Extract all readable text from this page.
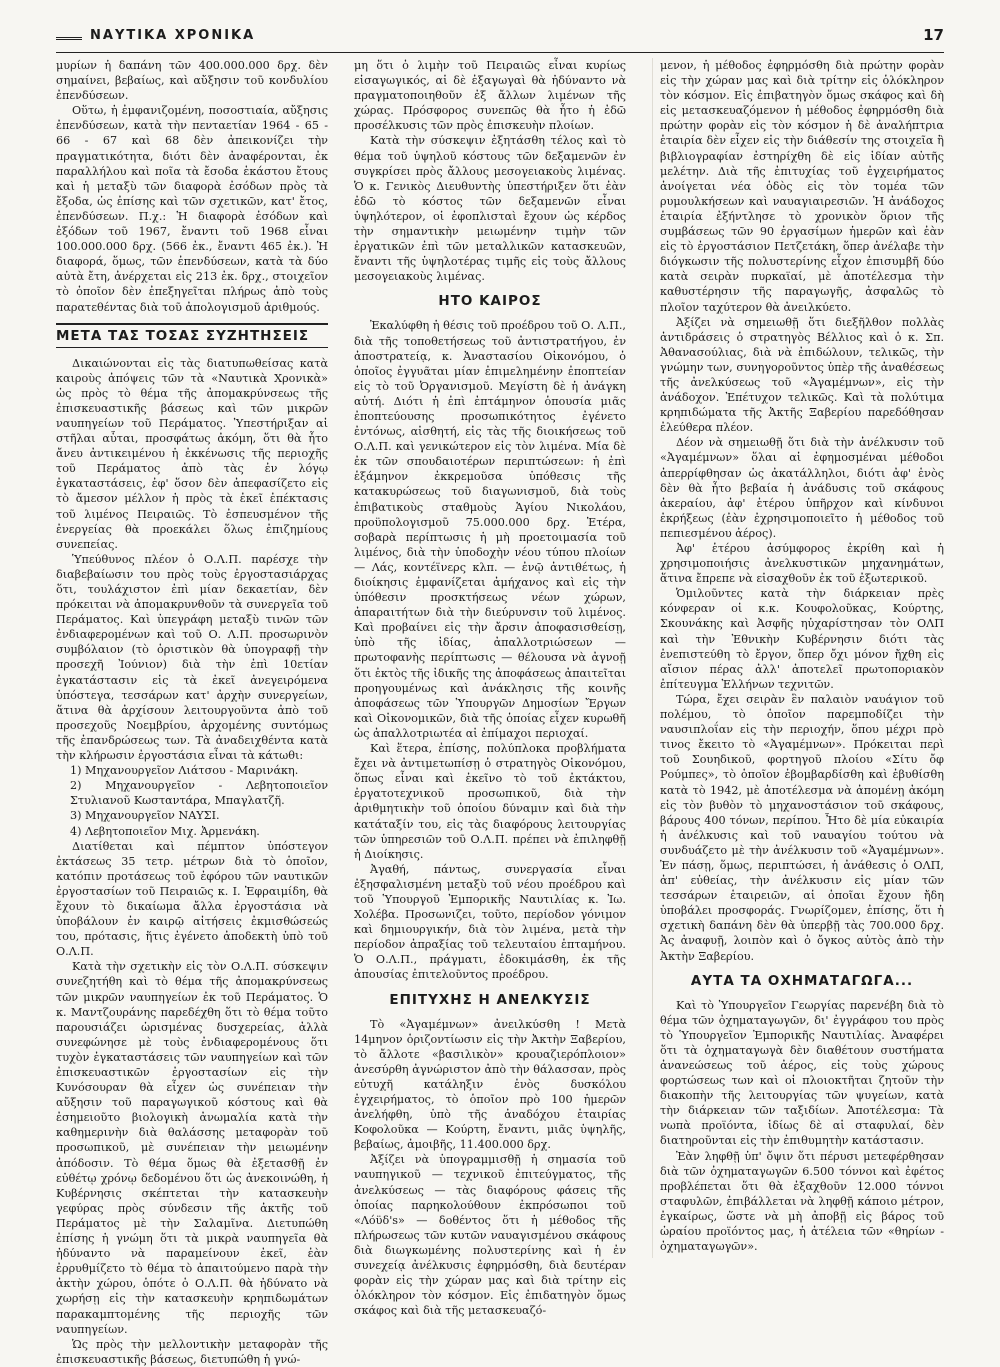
ΝΑΥΤΙΚΑ ΧΡΟΝΙΚΑ	17

μυρίων ἡ δαπάνη τῶν 400.000.000 δρχ. δὲν σημαίνει, βεβαίως, καὶ αὔξησιν τοῦ κονδυλίου ἐπενδύσεων.

Οὕτω, ἡ ἐμφανιζομένη, ποσοστιαία, αὔξησις ἐπενδύσεων, κατὰ τὴν πενταετίαν 1964 - 65 - 66 - 67 καὶ 68 δὲν ἀπεικονίζει τὴν πραγματικότητα, διότι δὲν ἀναφέρονται, ἐκ παραλλήλου καὶ ποῖα τὰ ἔσοδα ἑκάστου ἔτους καὶ ἡ μεταξὺ τῶν διαφορὰ ἐσόδων πρὸς τὰ ἔξοδα, ὡς ἐπίσης καὶ τῶν σχετικῶν, κατ' ἔτος, ἐπενδύσεων. Π.χ.: Ἡ διαφορὰ ἐσόδων καὶ ἐξόδων τοῦ 1967, ἔναντι τοῦ 1968 εἶναι 100.000.000 δρχ. (566 ἐκ., ἔναντι 465 ἐκ.). Ἡ διαφορά, ὅμως, τῶν ἐπενδύσεων, κατὰ τὰ δύο αὐτὰ ἔτη, ἀνέρχεται εἰς 213 ἐκ. δρχ., στοιχεῖον τὸ ὁποῖον δὲν ἐπεξηγεῖται πλήρως ἀπὸ τοὺς παρατεθέντας διὰ τοῦ ἀπολογισμοῦ ἀριθμούς.

ΜΕΤΑ ΤΑΣ ΤΟΣΑΣ ΣΥΖΗΤΗΣΕΙΣ

Δικαιώνονται εἰς τὰς διατυπωθείσας κατὰ καιροὺς ἀπόψεις τῶν τὰ «Ναυτικὰ Χρονικὰ» ὡς πρὸς τὸ θέμα τῆς ἀπομακρύνσεως τῆς ἐπισκευαστικῆς βάσεως καὶ τῶν μικρῶν ναυπηγείων τοῦ Περάματος. Ὑπεστήριξαν αἱ στῆλαι αὗται, προσφάτως ἀκόμη, ὅτι θὰ ἦτο ἄνευ ἀντικειμένου ἡ ἐκκένωσις τῆς περιοχῆς τοῦ Περάματος ἀπὸ τὰς ἐν λόγῳ ἐγκαταστάσεις, ἐφ' ὅσον δὲν ἀπεφασίζετο εἰς τὸ ἄμεσον μέλλον ἡ πρὸς τὰ ἐκεῖ ἐπέκτασις τοῦ λιμένος Πειραιῶς. Τὸ ἐσπευσμένον τῆς ἐνεργείας θὰ προεκάλει ὅλως ἐπιζημίους συνεπείας.

Ὑπεύθυνος πλέον ὁ Ο.Λ.Π. παρέσχε τὴν διαβεβαίωσιν του πρὸς τοὺς ἐργοστασιάρχας ὅτι, τουλάχιστον ἐπὶ μίαν δεκαετίαν, δὲν πρόκειται νὰ ἀπομακρυνθοῦν τὰ συνεργεῖα τοῦ Περάματος. Καὶ ὑπεγράφη μεταξὺ τινῶν τῶν ἐνδιαφερομένων καὶ τοῦ Ο. Λ.Π. προσωρινὸν συμβόλαιον (τὸ ὁριστικὸν θὰ ὑπογραφῇ τὴν προσεχῆ Ἰούνιον) διὰ τὴν ἐπὶ 10ετίαν ἐγκατάστασιν εἰς τὰ ἐκεῖ ἀνεγειρόμενα ὑπόστεγα, τεσσάρων κατ' ἀρχὴν συνεργείων, ἅτινα θὰ ἀρχίσουν λειτουργοῦντα ἀπὸ τοῦ προσεχοῦς Νοεμβρίου, ἀρχομένης συντόμως τῆς ἐπανδρώσεως των. Τὰ ἀναδειχθέντα κατὰ τὴν κλήρωσιν ἐργοστάσια εἶναι τὰ κάτωθι:

1) Μηχανουργεῖον Λιάτσου - Μαρινάκη.
2) Μηχανουργεῖον - Λεβητοποιεῖον Στυλιανοῦ Κωσταντάρα, Μπαγλατζῆ.
3) Μηχανουργεῖον ΝΑΥΣΙ.
4) Λεβητοποιεῖον Μιχ. Ἀρμενάκη.

Διατίθεται καὶ πέμπτον ὑπόστεγον ἐκτάσεως 35 τετρ. μέτρων διὰ τὸ ὁποῖον, κατόπιν προτάσεως τοῦ ἐφόρου τῶν ναυτικῶν ἐργοστασίων τοῦ Πειραιῶς κ. Ι. Ἐφραιμίδη, θὰ ἔχουν τὸ δικαίωμα ἄλλα ἐργοστάσια νὰ ὑποβάλουν ἐν καιρῷ αἰτήσεις ἐκμισθώσεώς του, πρότασις, ἥτις ἐγένετο ἀποδεκτὴ ὑπὸ τοῦ Ο.Λ.Π.

Κατὰ τὴν σχετικὴν εἰς τὸν Ο.Λ.Π. σύσκεψιν συνεζητήθη καὶ τὸ θέμα τῆς ἀπομακρύνσεως τῶν μικρῶν ναυπηγείων ἐκ τοῦ Περάματος. Ὁ κ. Μαντζουράνης παρεδέχθη ὅτι τὸ θέμα τοῦτο παρουσιάζει ὡρισμένας δυσχερείας, ἀλλὰ συνεφώνησε μὲ τοὺς ἐνδιαφερομένους ὅτι τυχὸν ἐγκαταστάσεις τῶν ναυπηγείων καὶ τῶν ἐπισκευαστικῶν ἐργοστασίων εἰς τὴν Κυνόσουραν θὰ εἶχεν ὡς συνέπειαν τὴν αὔξησιν τοῦ παραγωγικοῦ κόστους καὶ θὰ ἐσημειοῦτο βιολογικὴ ἀνωμαλία κατὰ τὴν καθημερινὴν διὰ θαλάσσης μεταφορὰν τοῦ προσωπικοῦ, μὲ συνέπειαν τὴν μειωμένην ἀπόδοσιν. Τὸ θέμα ὅμως θὰ ἐξετασθῇ ἐν εὐθέτῳ χρόνῳ δεδομένου ὅτι ὡς ἀνεκοινώθη, ἡ Κυβέρνησις σκέπτεται τὴν κατασκευὴν γεφύρας πρὸς σύνδεσιν τῆς ἀκτῆς τοῦ Περάματος μὲ τὴν Σαλαμῖνα. Διετυπώθη ἐπίσης ἡ γνώμη ὅτι τὰ μικρὰ ναυπηγεῖα θὰ ἠδύναντο νὰ παραμείνουν ἐκεῖ, ἐὰν ἐρρυθμίζετο τὸ θέμα τὸ ἀπαιτούμενο παρὰ τὴν ἀκτὴν χώρου, ὁπότε ὁ Ο.Λ.Π. θὰ ἠδύνατο νὰ χωρήσῃ εἰς τὴν κατασκευὴν κρηπιδωμάτων παρακαμπτομένης τῆς περιοχῆς τῶν ναυπηγείων.

Ὡς πρὸς τὴν μελλοντικὴν μεταφορὰν τῆς ἐπισκευαστικῆς βάσεως, διετυπώθη ἡ γνώ-

μη ὅτι ὁ λιμὴν τοῦ Πειραιῶς εἶναι κυρίως εἰσαγωγικός, αἱ δὲ ἐξαγωγαὶ θὰ ἠδύναντο νὰ πραγματοποιηθοῦν ἐξ ἄλλων λιμένων τῆς χώρας. Πρόσφορος συνεπῶς θὰ ἦτο ἡ ἐδῶ προσέλκυσις τῶν πρὸς ἐπισκευὴν πλοίων.

Κατὰ τὴν σύσκεψιν ἐξητάσθη τέλος καὶ τὸ θέμα τοῦ ὑψηλοῦ κόστους τῶν δεξαμενῶν ἐν συγκρίσει πρὸς ἄλλους μεσογειακοὺς λιμένας. Ὁ κ. Γενικὸς Διευθυντὴς ὑπεστήριξεν ὅτι ἐὰν ἐδῶ τὸ κόστος τῶν δεξαμενῶν εἶναι ὑψηλότερον, οἱ ἐφοπλισταὶ ἔχουν ὡς κέρδος τὴν σημαντικὴν μειωμένην τιμὴν τῶν ἐργατικῶν ἐπὶ τῶν μεταλλικῶν κατασκευῶν, ἔναντι τῆς ὑψηλοτέρας τιμῆς εἰς τοὺς ἄλλους μεσογειακοὺς λιμένας.

ΗΤΟ ΚΑΙΡΟΣ

Ἐκαλύφθη ἡ θέσις τοῦ προέδρου τοῦ Ο. Λ.Π., διὰ τῆς τοποθετήσεως τοῦ ἀντιστρατήγου, ἐν ἀποστρατείᾳ, κ. Ἀναστασίου Οἰκονόμου, ὁ ὁποῖος ἐγγυᾶται μίαν ἐπιμελημένην ἐποπτείαν εἰς τὸ τοῦ Ὀργανισμοῦ. Μεγίστη δὲ ἡ ἀνάγκη αὐτή. Διότι ἡ ἐπὶ ἐπτάμηνον ὁπουσία μιᾶς ἐποπτεύουσης προσωπικότητος ἐγένετο ἐντόνως, αἰσθητή, εἰς τὰς τῆς διοικήσεως τοῦ Ο.Λ.Π. καὶ γενικώτερον εἰς τὸν λιμένα. Μία δὲ ἐκ τῶν σπουδαιοτέρων περιπτώσεων: ἡ ἐπὶ ἑξάμηνον ἐκκρεμοῦσα ὑπόθεσις τῆς κατακυρώσεως τοῦ διαγωνισμοῦ, διὰ τοὺς ἐπιβατικοὺς σταθμοὺς Ἁγίου Νικολάου, προϋπολογισμοῦ 75.000.000 δρχ. Ἑτέρα, σοβαρὰ περίπτωσις ἡ μὴ προετοιμασία τοῦ λιμένος, διὰ τὴν ὑποδοχὴν νέου τύπου πλοίων — Λάς, κοντέϊνερς κλπ. — ἐνῷ ἀντιθέτως, ἡ διοίκησις ἐμφανίζεται ἀμήχανος καὶ εἰς τὴν ὑπόθεσιν προσκτήσεως νέων χώρων, ἀπαραιτήτων διὰ τὴν διεύρυνσιν τοῦ λιμένος. Καὶ προβαίνει εἰς τὴν ἄρσιν ἀποφασισθείσῃ, ὑπὸ τῆς ἰδίας, ἀπαλλοτριώσεων — πρωτοφανὴς περίπτωσις — θέλουσα νὰ ἀγνοῇ ὅτι ἐκτὸς τῆς ἰδικῆς της ἀποφάσεως ἀπαιτεῖται προηγουμένως καὶ ἀνάκλησις τῆς κοινῆς ἀποφάσεως τῶν Ὑπουργῶν Δημοσίων Ἔργων καὶ Οἰκονομικῶν, διὰ τῆς ὁποίας εἶχεν κυρωθῆ ὡς ἀπαλλοτριωτέα αἱ ἐπίμαχοι περιοχαί.

Καὶ ἕτερα, ἐπίσης, πολύπλοκα προβλήματα ἔχει νὰ ἀντιμετωπίσῃ ὁ στρατηγὸς Οἰκονόμου, ὅπως εἶναι καὶ ἐκεῖνο τὸ τοῦ ἐκτάκτου, ἐργατοτεχνικοῦ προσωπικοῦ, διὰ τὴν ἀριθμητικὴν τοῦ ὁποίου δύναμιν καὶ διὰ τὴν κατάταξίν του, εἰς τὰς διαφόρους λειτουργίας τῶν ὑπηρεσιῶν τοῦ Ο.Λ.Π. πρέπει νὰ ἐπιληφθῇ ἡ Διοίκησις.

Ἀγαθή, πάντως, συνεργασία εἶναι ἐξησφαλισμένη μεταξὺ τοῦ νέου προέδρου καὶ τοῦ Ὑπουργοῦ Ἐμπορικῆς Ναυτιλίας κ. Ἰω. Χολέβα. Προσωνιζει, τοῦτο, περίοδον γόνιμον καὶ δημιουργικήν, διὰ τὸν λιμένα, μετὰ τὴν περίοδον ἀπραξίας τοῦ τελευταίου ἑπταμήνου. Ὁ Ο.Λ.Π., πράγματι, ἐδοκιμάσθη, ἐκ τῆς ἀπουσίας ἐπιτελοῦντος προέδρου.

ΕΠΙΤΥΧΗΣ Η ΑΝΕΛΚΥΣΙΣ

Τὸ «Ἀγαμέμνων» ἀνειλκύσθη ! Μετὰ 14μηνον ὁριζοντίωσιν εἰς τὴν Ἀκτὴν Ξαβερίου, τὸ ἄλλοτε «βασιλικὸν» κρουαζιερόπλοιον» ἀνεσύρθη ἀγνώριστον ἀπὸ τὴν θάλασσαν, πρὸς εὐτυχῆ κατάληξιν ἑνὸς δυσκόλου ἐγχειρήματος, τὸ ὁποῖον πρὸ 100 ἡμερῶν ἀνελήφθη, ὑπὸ τῆς ἀναδόχου ἑταιρίας Κοφολοῦκα — Κούρτη, ἔναντι, μιᾶς ὑψηλῆς, βεβαίως, ἀμοιβῆς, 11.400.000 δρχ.

Ἀξίζει νὰ ὑπογραμμισθῇ ἡ σημασία τοῦ ναυπηγικοῦ — τεχνικοῦ ἐπιτεύγματος, τῆς ἀνελκύσεως — τὰς διαφόρους φάσεις τῆς ὁποίας παρηκολούθουν ἐκπρόσωποι τοῦ «Λόϋδ's» — δοθέντος ὅτι ἡ μέθοδος τῆς πλήρωσεως τῶν κυτῶν ναυαγισμένου σκάφους διὰ διωγκωμένης πολυστερίνης καὶ ἡ ἐν συνεχείᾳ ἀνέλκυσις ἐφηρμόσθη, διὰ δευτέραν φορὰν εἰς τὴν χώραν μας καὶ διὰ τρίτην εἰς ὁλόκληρον τὸν κόσμον. Εἰς ἐπιδατηγὸν ὅμως σκάφος καὶ διὰ τῆς μετασκευαζό-

μενον, ἡ μέθοδος ἐφηρμόσθη διὰ πρώτην φορὰν εἰς τὴν χώραν μας καὶ διὰ τρίτην εἰς ὁλόκληρον τὸν κόσμον. Εἰς ἐπιβατηγὸν ὅμως σκάφος καὶ δὴ εἰς μετασκευαζόμενον ἡ μέθοδος ἐφηρμόσθη διὰ πρώτην φορὰν εἰς τὸν κόσμον ἡ δὲ ἀναλήπτρια ἑταιρία δὲν εἶχεν εἰς τὴν διάθεσίν της στοιχεῖα ἢ βιβλιογραφίαν ἐστηρίχθη δὲ εἰς ἰδίαν αὐτῆς μελέτην. Διὰ τῆς ἐπιτυχίας τοῦ ἐγχειρήματος ἀνοίγεται νέα ὁδὸς εἰς τὸν τομέα τῶν ρυμουλκήσεων καὶ ναυαγιαιρεσιῶν. Ἡ ἀνάδοχος ἑταιρία ἐξήντλησε τὸ χρονικὸν ὅριον τῆς συμβάσεως τῶν 90 ἐργασίμων ἡμερῶν καὶ ἐὰν εἰς τὸ ἐργοστάσιον Πετζετάκη, ὅπερ ἀνέλαβε τὴν διόγκωσιν τῆς πολυστερίνης εἶχον ἐπισυμβῆ δύο κατὰ σειρὰν πυρκαϊαί, μὲ ἀποτέλεσμα τὴν καθυστέρησιν τῆς παραγωγῆς, ἀσφαλῶς τὸ πλοῖον ταχύτερον θὰ ἀνειλκύετο.

Ἀξίζει νὰ σημειωθῇ ὅτι διεξῆλθον πολλὰς ἀντιδράσεις ὁ στρατηγὸς Βέλλιος καὶ ὁ κ. Σπ. Ἀθανασούλιας, διὰ νὰ ἐπιδώλουν, τελικῶς, τὴν γνώμην των, συνηγοροῦντος ὑπὲρ τῆς ἀναθέσεως τῆς ἀνελκύσεως τοῦ «Ἀγαμέμνων», εἰς τὴν ἀνάδοχον. Ἐπέτυχον τελικῶς. Καὶ τὰ πολύτιμα κρηπιδώματα τῆς Ἀκτῆς Ξαβερίου παρεδόθησαν ἐλεύθερα πλέον.

Δέον νὰ σημειωθῇ ὅτι διὰ τὴν ἀνέλκυσιν τοῦ «Ἀγαμέμνων» ὅλαι αἱ ἐφημοσμέναι μέθοδοι ἀπερρίφθησαν ὡς ἀκατάλληλοι, διότι ἀφ' ἑνὸς δὲν θὰ ἦτο βεβαία ἡ ἀνάδυσις τοῦ σκάφους ἀκεραίου, ἀφ' ἑτέρου ὑπῆρχον καὶ κίνδυνοι ἐκρήξεως (ἐὰν ἐχρησιμοποιεῖτο ἡ μέθοδος τοῦ πεπιεσμένου ἀέρος).

Ἀφ' ἑτέρου ἀσύμφορος ἐκρίθη καὶ ἡ χρησιμοποιήσις ἀνελκυστικῶν μηχανημάτων, ἅτινα ἔπρεπε νὰ εἰσαχθοῦν ἐκ τοῦ ἐξωτερικοῦ.

Ὁμιλοῦντες κατὰ τὴν διάρκειαν πρὲς κόνφεραν οἱ κ.κ. Κουφολοῦκας, Κούρτης, Σκουνάκης καὶ Ἀσφῆς ηὐχαρίστησαν τὸν ΟΛΠ καὶ τὴν Ἐθνικὴν Κυβέρνησιν διότι τὰς ἐνεπιστεύθη τὸ ἔργον, ὅπερ ὄχι μόνον ἤχθη εἰς αἴσιον πέρας ἀλλ' ἀποτελεῖ πρωτοποριακὸν ἐπίτευγμα Ἑλλήνων τεχνιτῶν.

Τώρα, ἔχει σειρὰν ἓν παλαιὸν ναυάγιον τοῦ πολέμου, τὸ ὁποῖον παρεμποδίζει τὴν ναυσιπλοΐαν εἰς τὴν περιοχήν, ὅπου μέχρι πρὸ τινος ἔκειτο τὸ «Ἀγαμέμνων». Πρόκειται περὶ τοῦ Σουηδικοῦ, φορτηγοῦ πλοίου «Σίτυ ὄφ Ρούμπες», τὸ ὁποῖον ἐβομβαρδίσθη καὶ ἐβυθίσθη κατὰ τὸ 1942, μὲ ἀποτέλεσμα νὰ ἀπομένῃ ἀκόμη εἰς τὸν βυθὸν τὸ μηχανοστάσιον τοῦ σκάφους, βάρους 400 τόνων, περίπου. Ἦτο δὲ μία εὐκαιρία ἡ ἀνέλκυσις καὶ τοῦ ναυαγίου τούτου νὰ συνδυάζετο μὲ τὴν ἀνέλκυσιν τοῦ «Ἀγαμέμνων». Ἐν πάσῃ, ὅμως, περιπτώσει, ἡ ἀνάθεσις ὁ ΟΛΠ, ἀπ' εὐθείας, τὴν ἀνέλκυσιν εἰς μίαν τῶν τεσσάρων ἑταιρειῶν, αἱ ὁποῖαι ἔχουν ἤδη ὑποβάλει προσφοράς. Γνωρίζομεν, ἐπίσης, ὅτι ἡ σχετικὴ δαπάνη δὲν θὰ ὑπερβῇ τὰς 700.000 δρχ. Ἀς ἀναφυῇ, λοιπὸν καὶ ὁ ὄγκος αὐτὸς ἀπὸ τὴν Ἀκτὴν Ξαβερίου.

ΑΥΤΑ ΤΑ ΟΧΗΜΑΤΑΓΩΓΑ...

Καὶ τὸ Ὑπουργεῖον Γεωργίας παρενέβη διὰ τὸ θέμα τῶν ὀχηματαγωγῶν, δι' ἐγγράφου του πρὸς τὸ Ὑπουργεῖον Ἐμπορικῆς Ναυτιλίας. Ἀναφέρει ὅτι τὰ ὀχηματαγωγὰ δὲν διαθέτουν συστήματα ἀνανεώσεως τοῦ ἀέρος, εἰς τοὺς χώρους φορτώσεως των καὶ οἱ πλοιοκτῆται ζητοῦν τὴν διακοπὴν τῆς λειτουργίας τῶν ψυγείων, κατὰ τὴν διάρκειαν τῶν ταξιδίων. Ἀποτέλεσμα: Τὰ νωπὰ προϊόντα, ἰδίως δὲ αἱ σταφυλαί, δὲν διατηροῦνται εἰς τὴν ἐπιθυμητὴν κατάστασιν.

Ἐὰν ληφθῇ ὑπ' ὄψιν ὅτι πέρυσι μετεφέρθησαν διὰ τῶν ὀχηματαγωγῶν 6.500 τόννοι καὶ ἐφέτος προβλέπεται ὅτι θὰ ἐξαχθοῦν 12.000 τόννοι σταφυλῶν, ἐπιβάλλεται νὰ ληφθῇ κάποιο μέτρον, ἐγκαίρως, ὥστε νὰ μὴ ἀποβῇ εἰς βάρος τοῦ ὡραίου προϊόντος μας, ἡ ἀτέλεια τῶν «θηρίων - ὀχηματαγωγῶν».
